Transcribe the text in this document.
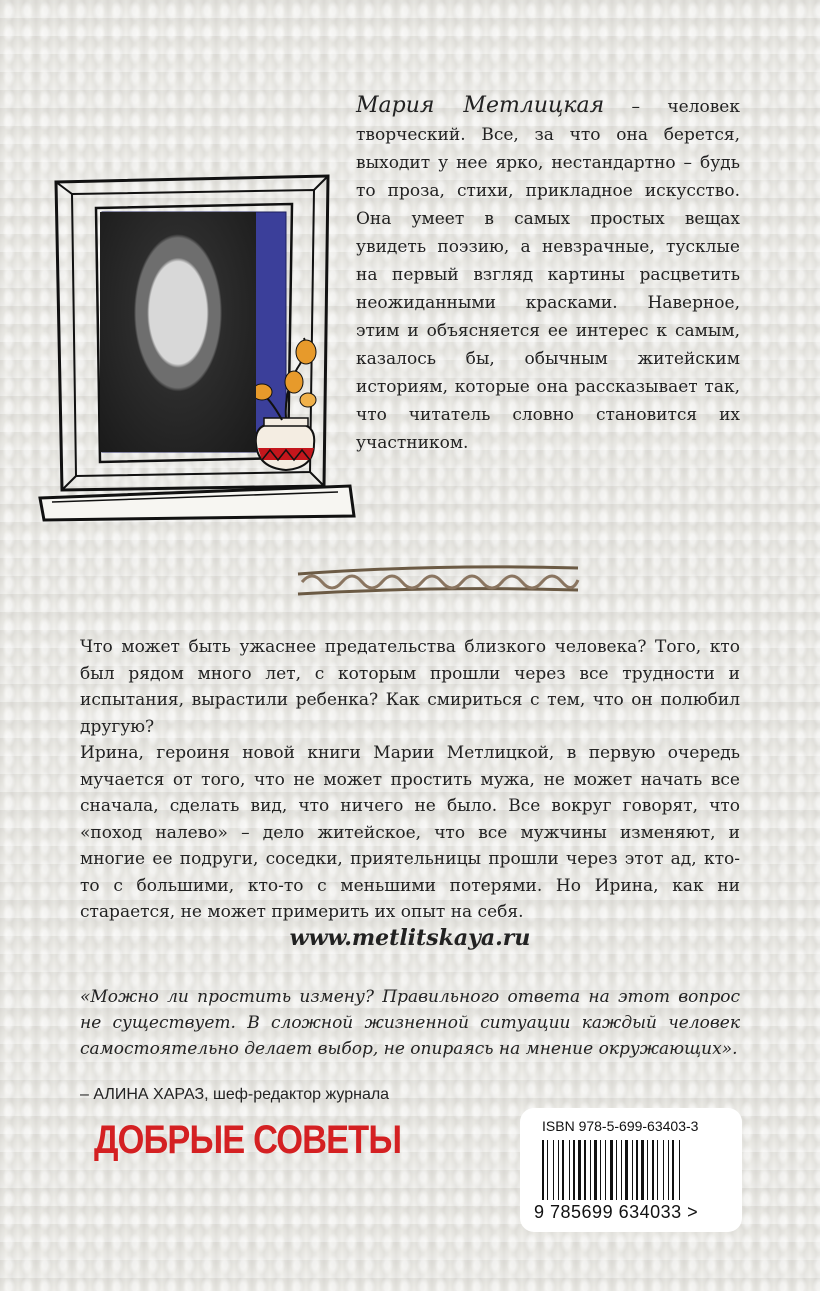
Мария Метлицкая – человек творческий. Все, за что она берется, выходит у нее ярко, нестандартно – будь то проза, стихи, прикладное искусство. Она умеет в самых простых вещах увидеть поэзию, а невзрачные, тусклые на первый взгляд картины расцветить неожиданными красками. Наверное, этим и объясняется ее интерес к самым, казалось бы, обычным житейским историям, которые она рассказывает так, что читатель словно становится их участником.

Что может быть ужаснее предательства близкого человека? Того, кто был рядом много лет, с которым прошли через все трудности и испытания, вырастили ребенка? Как смириться с тем, что он полюбил другую?

Ирина, героиня новой книги Марии Метлицкой, в первую очередь мучается от того, что не может простить мужа, не может начать все сначала, сделать вид, что ничего не было. Все вокруг говорят, что «поход налево» – дело житейское, что все мужчины изменяют, и многие ее подруги, соседки, приятельницы прошли через этот ад, кто-то с большими, кто-то с меньшими потерями. Но Ирина, как ни старается, не может примерить их опыт на себя.

www.metlitskaya.ru
«Можно ли простить измену? Правильного ответа на этот вопрос не существует. В сложной жизненной ситуации каждый человек самостоятельно делает выбор, не опираясь на мнение окружающих».
– АЛИНА ХАРАЗ, шеф-редактор журнала
ДОБРЫЕ СОВЕТЫ	ISBN 978-5-699-63403-3
9 785699 634033 >
